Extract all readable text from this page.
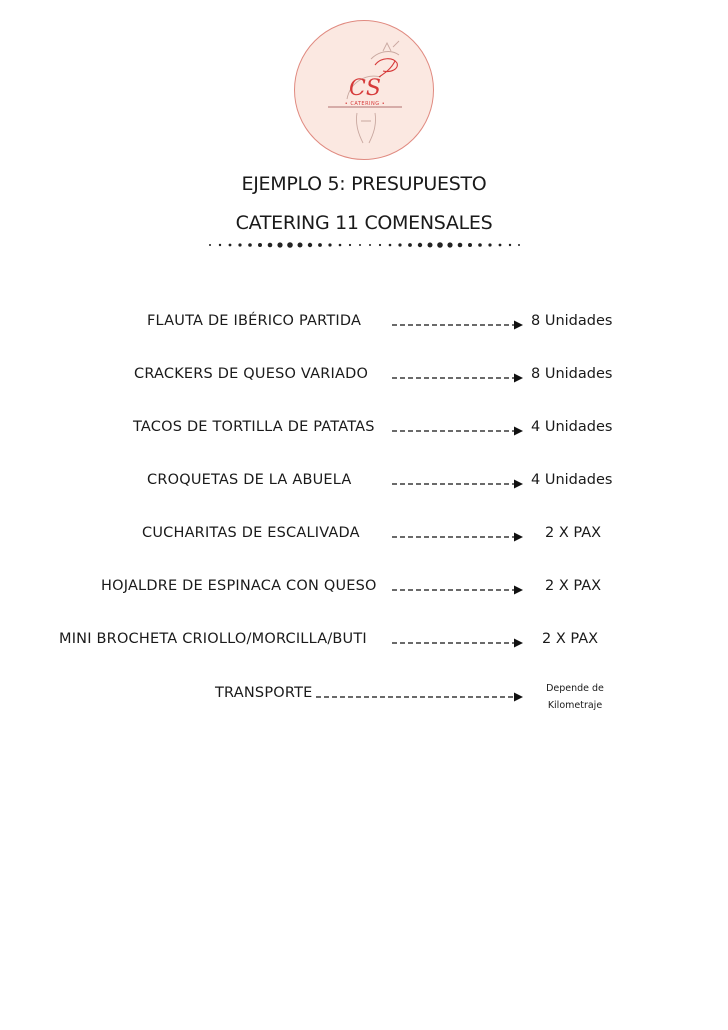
CS
• CATERING •
EJEMPLO 5: PRESUPUESTO
CATERING 11 COMENSALES
FLAUTA DE IBÉRICO PARTIDA	8 Unidades
CRACKERS DE QUESO VARIADO	8 Unidades
TACOS DE TORTILLA DE PATATAS	4 Unidades
CROQUETAS DE LA ABUELA	4 Unidades
CUCHARITAS DE ESCALIVADA	2 X PAX
HOJALDRE DE ESPINACA CON QUESO	2 X PAX
MINI BROCHETA CRIOLLO/MORCILLA/BUTI	2 X PAX
TRANSPORTE	Depende de
Kilometraje
